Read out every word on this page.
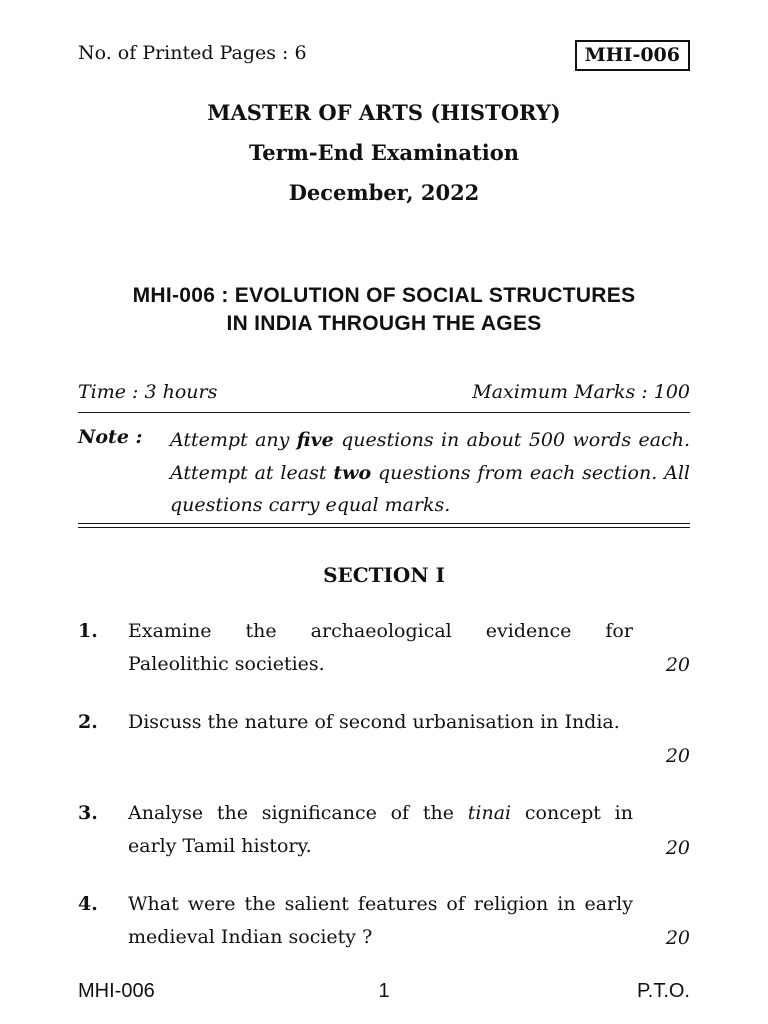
No. of Printed Pages : 6	MHI-006
MASTER OF ARTS (HISTORY)
Term-End Examination
December, 2022
MHI-006 : EVOLUTION OF SOCIAL STRUCTURES
IN INDIA THROUGH THE AGES
Time : 3 hours	Maximum Marks : 100
Note : Attempt any five questions in about 500 words each. Attempt at least two questions from each section. All questions carry equal marks.
SECTION I
1. Examine the archaeological evidence for
Paleolithic societies.	20
2. Discuss the nature of second urbanisation in India.
20
3. Analyse the significance of the tinai concept in early Tamil history.	20
4. What were the salient features of religion in early medieval Indian society ?	20
MHI-006	1	P.T.O.
